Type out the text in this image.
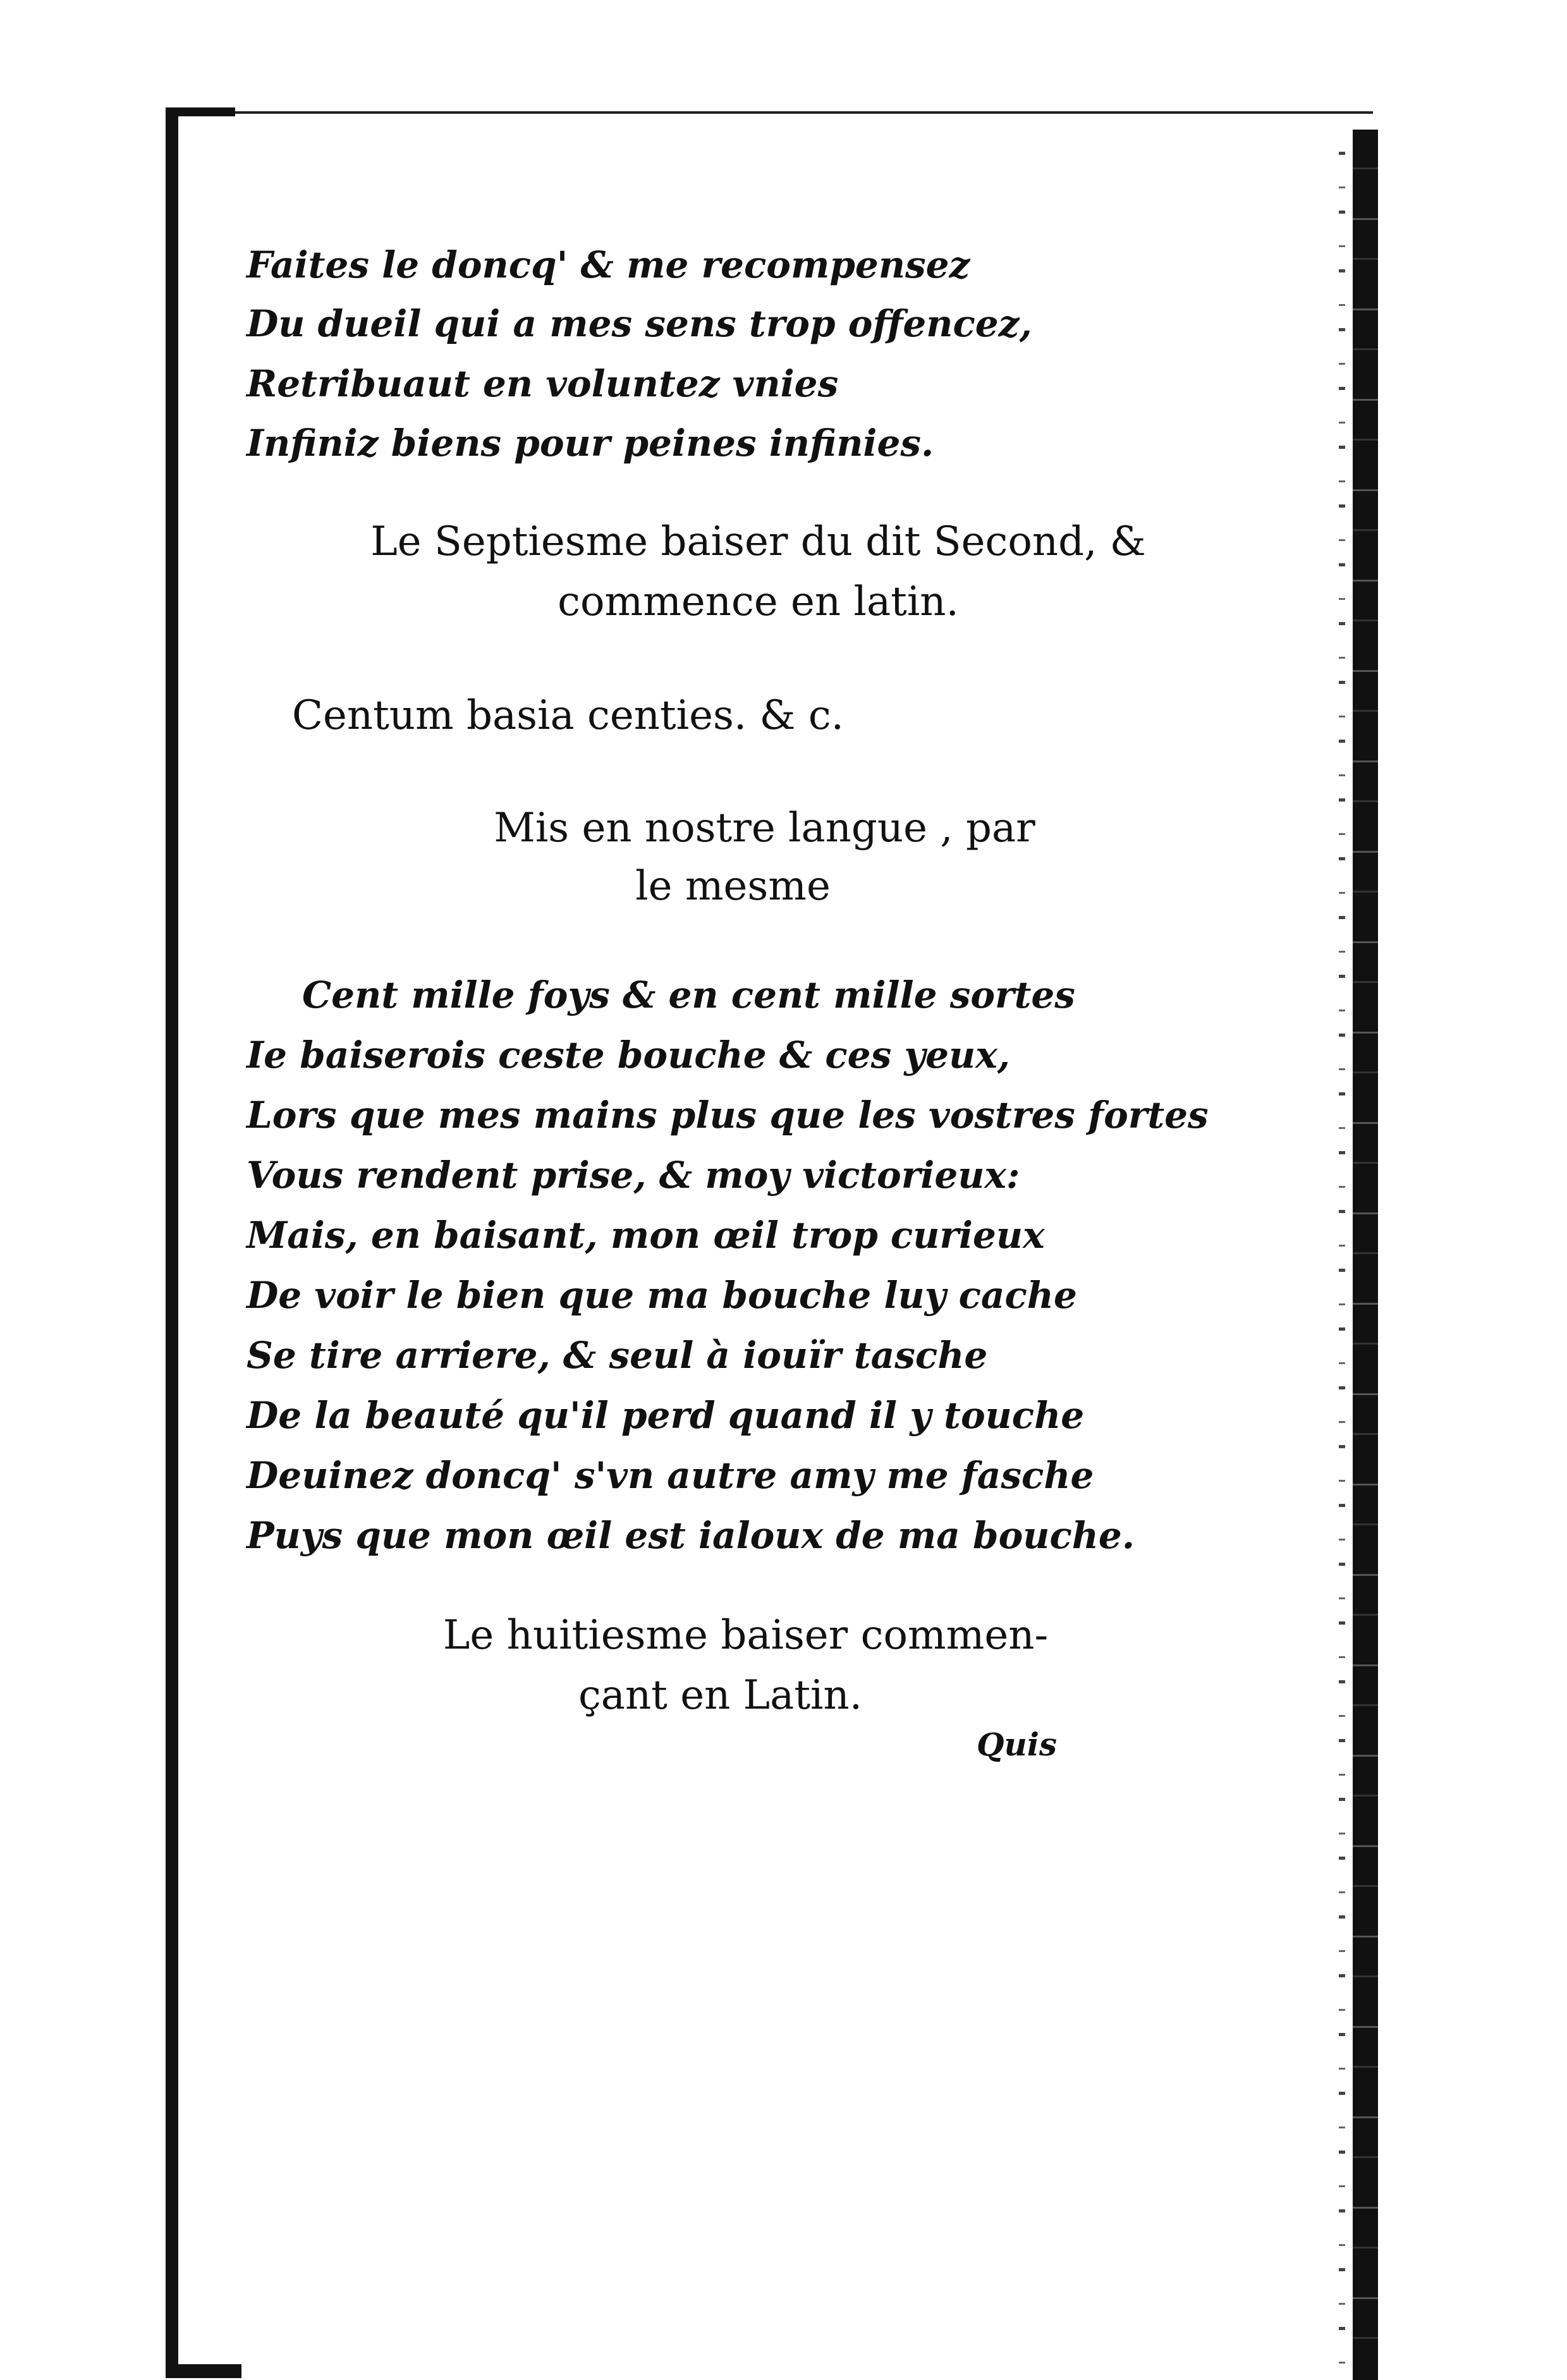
Faites le doncq' & me recompensez
Du dueil qui a mes sens trop offencez,
Retribuaut en voluntez vnies
Infiniz biens pour peines infinies.
Le Septiesme baiser du dit Second, &
commence en latin.
Centum basia centies. & c.
Mis en nostre langue , par
le mesme
Cent mille foys & en cent mille sortes
Ie baiserois ceste bouche & ces yeux,
Lors que mes mains plus que les vostres fortes
Vous rendent prise, & moy victorieux:
Mais, en baisant, mon œil trop curieux
De voir le bien que ma bouche luy cache
Se tire arriere, & seul à iouïr tasche
De la beauté qu'il perd quand il y touche
Deuinez doncq' s'vn autre amy me fasche
Puys que mon œil est ialoux de ma bouche.
Le huitiesme baiser commen-
çant en Latin.
Quis
